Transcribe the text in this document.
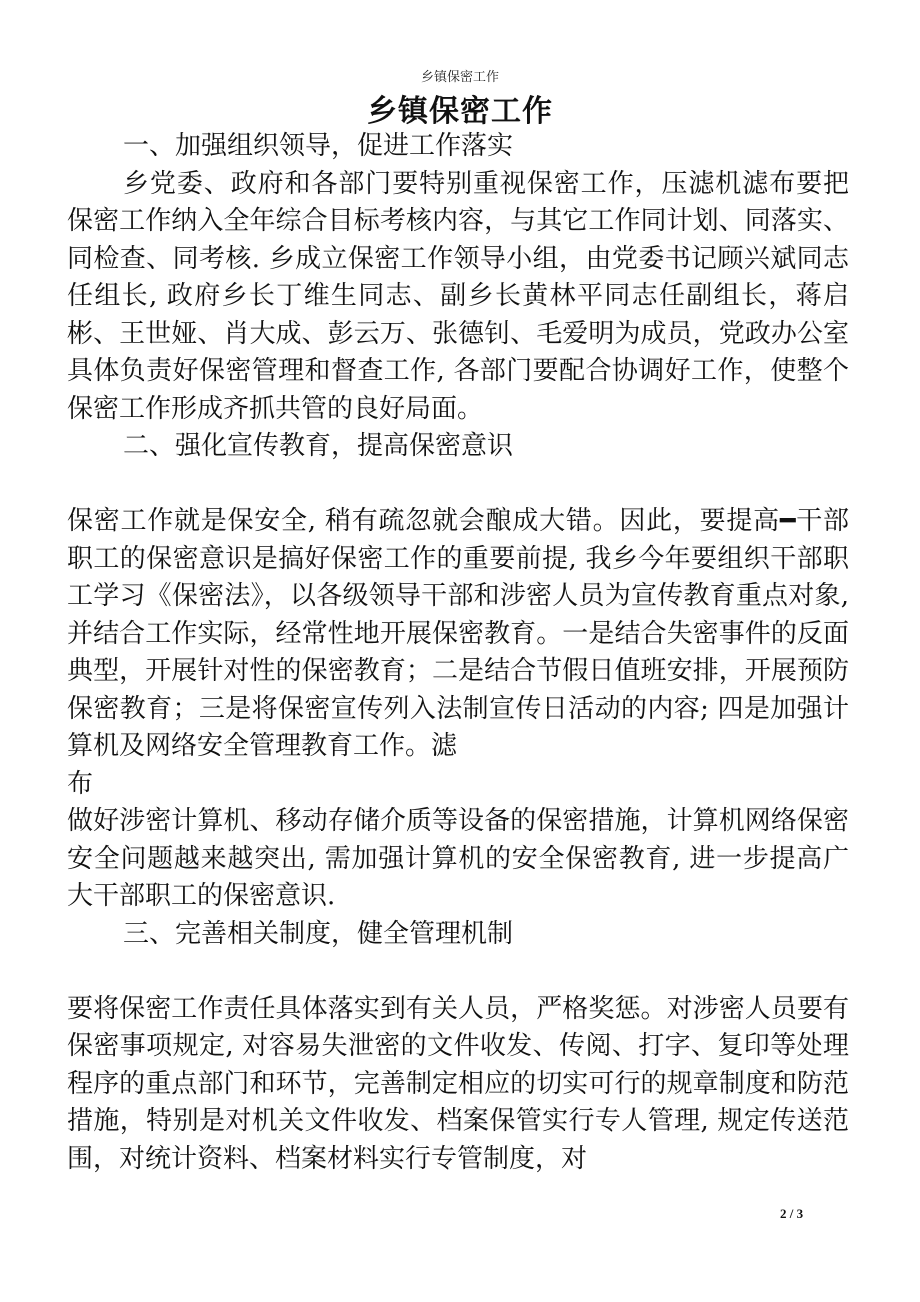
乡镇保密工作
乡镇保密工作

一、加强组织领导，促进工作落实

乡党委、政府和各部门要特别重视保密工作，压滤机滤布要把保密工作纳入全年综合目标考核内容，与其它工作同计划、同落实、同检查、同考核. 乡成立保密工作领导小组，由党委书记顾兴斌同志任组长, 政府乡长丁维生同志、副乡长黄林平同志任副组长，蒋启彬、王世娅、肖大成、彭云万、张德钊、毛爱明为成员，党政办公室具体负责好保密管理和督查工作, 各部门要配合协调好工作，使整个保密工作形成齐抓共管的良好局面。

二、强化宣传教育，提高保密意识

保密工作就是保安全, 稍有疏忽就会酿成大错。因此，要提高━干部职工的保密意识是搞好保密工作的重要前提, 我乡今年要组织干部职工学习《保密法》，以各级领导干部和涉密人员为宣传教育重点对象, 并结合工作实际，经常性地开展保密教育。一是结合失密事件的反面典型，开展针对性的保密教育；二是结合节假日值班安排，开展预防保密教育；三是将保密宣传列入法制宣传日活动的内容; 四是加强计算机及网络安全管理教育工作。滤

布

做好涉密计算机、移动存储介质等设备的保密措施，计算机网络保密安全问题越来越突出, 需加强计算机的安全保密教育, 进一步提高广大干部职工的保密意识.

三、完善相关制度，健全管理机制

要将保密工作责任具体落实到有关人员，严格奖惩。对涉密人员要有保密事项规定, 对容易失泄密的文件收发、传阅、打字、复印等处理程序的重点部门和环节，完善制定相应的切实可行的规章制度和防范措施，特别是对机关文件收发、档案保管实行专人管理, 规定传送范围，对统计资料、档案材料实行专管制度，对

2 / 3
